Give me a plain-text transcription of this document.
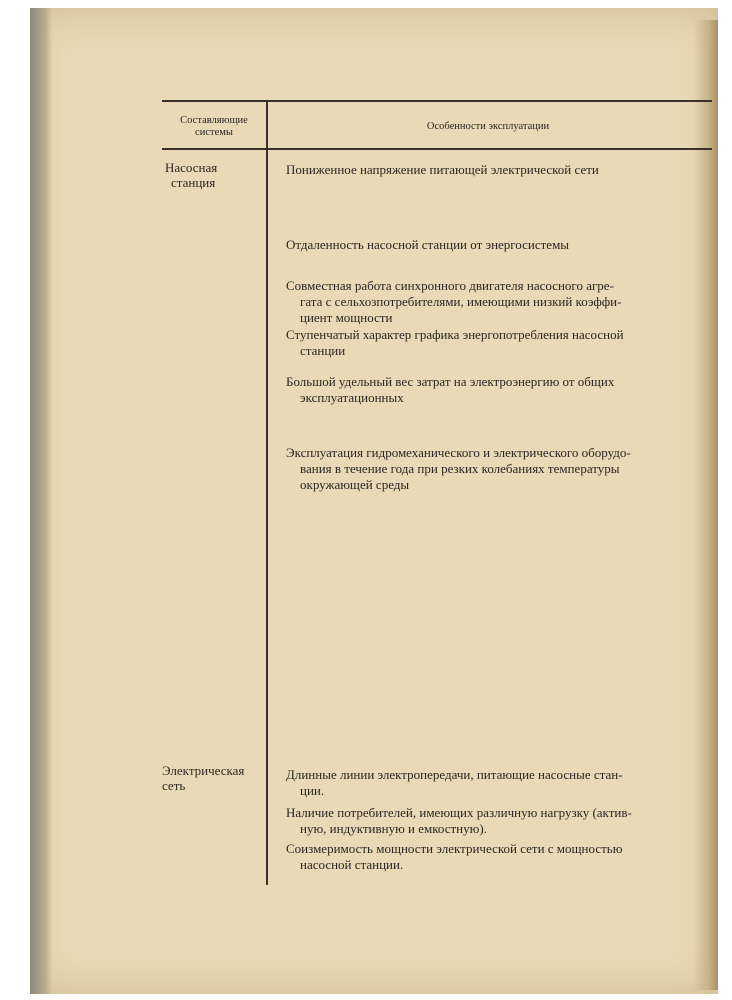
Составляющие
системы
Особенности эксплуатации
Насосная
станция
Пониженное напряжение питающей электрической сети
Отдаленность насосной станции от энергосистемы
Совместная работа синхронного двигателя насосного агре-
гата с сельхозпотребителями, имеющими низкий коэффи-
циент мощности
Ступенчатый характер графика энергопотребления насосной
станции
Большой удельный вес затрат на электроэнергию от общих
эксплуатационных
Эксплуатация гидромеханического и электрического оборудо-
вания в течение года при резких колебаниях температуры
окружающей среды
Электрическая
сеть
Длинные линии электропередачи, питающие насосные стан-
ции.
Наличие потребителей, имеющих различную нагрузку (актив-
ную, индуктивную и емкостную).
Соизмеримость мощности электрической сети с мощностью
насосной станции.
